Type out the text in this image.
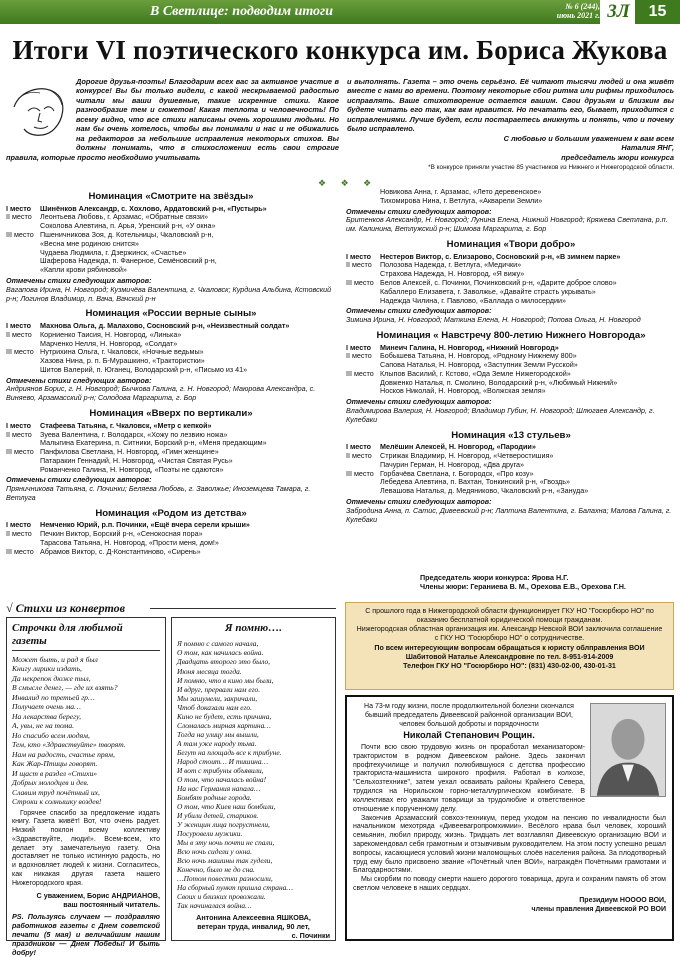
В Светлице: подводим итоги	№ 6 (244),
июнь 2021 г. 3Л	15
Итоги VI поэтического конкурса им. Бориса Жукова
Дорогие друзья-поэты! Благодарим всех вас за активное участие в конкурсе! Вы бы только видели, с какой нескрываемой радостью читали мы ваши душевные, такие искренние стихи. Какое разнообразие тем и сюжетов! Какая теплота и человечность! По всему видно, что все стихи написаны очень хорошими людьми. Но нам бы очень хотелось, чтобы вы понимали и нас и не обижались на редакторов за небольшие исправления некоторых стихов. Вы должны понимать, что в стихосложении есть свои строгие правила, которые просто необходимо учитывать
и выполнять. Газета – это очень серьёзно. Её читают тысячи людей и она живёт вместе с нами во времени. Поэтому некоторые сбои ритма или рифмы приходилось исправлять. Ваше стихотворение остается вашим. Свои друзьям и близким вы будете читать его так, как вам нравится. Но печатать его, бывает, приходится с исправлениями. Лучше будет, если постараетесь вникнуть и понять, что и почему было исправлено.
С любовью и большим уважением к вам всем
Наталия ЯНГ,
председатель жюри конкурса
*В конкурсе приняли участие 85 участников из Нижнего и Нижегородской области.
❖ ❖ ❖
Номинация «Смотрите на звёзды»
I место	Шинёнков Александр, с. Хохлово, Ардатовский р-н, «Пустырь»
II место	Леонтьева Любовь, г. Арзамас, «Обратные связи»
Соколова Алевтина, п. Арья, Уренский р-н, «У окна»
III место Пшеничникова Зоя, д. Котельницы, Чкаловский р-н,
«Весна мне родиною снится»
Чудаева Людмила, г. Дзержинск, «Счастье»
Шаферова Надежда, п. Фанерное, Семёновский р-н,
«Капли крови рябиновой»
Отмечены стихи следующих авторов:
Вагапова Ирина, Н. Новгород; Кузмичёва Валентина, г. Чкаловск; Курдина Альбина, Кстовский р-н; Логинов Владимир, п. Вача, Вачский р-н
Номинация «России верные сыны»
I место	Махнова Ольга, д. Малахово, Сосновский р-н, «Неизвестный солдат»
II место	Корниенко Таисия, Н. Новгород, «Линька»
Марченко Нелля, Н. Новгород, «Солдат»
III место Нутрихина Ольга, г. Чкаловск, «Ночные ведьмы»
Хазова Нина, р. п. Б-Мурашкино, «Трактористки»
Шитов Валерий, п. Юганец, Володарский р-н, «Письмо из 41»
Отмечены стихи следующих авторов:
Андриянов Борис, г. Н. Новгород; Бычкова Галина, г. Н. Новгород; Маюрова Александра, с. Виняево, Арзамасский р-н; Солодова Маргарита, г. Бор
Номинация «Вверх по вертикали»
I место	Стафеева Татьяна, г. Чкаловск, «Метр с кепкой»
II место	Зуева Валентина, г. Володарск, «Хожу по лезвию ножа»
Малыгина Екатерина, п. Ситники, Борский р-н, «Меня предающим»
III место Панфилова Светлана, Н. Новгород, «Гимн женщине»
Патаракин Геннадий, Н. Новгород, «Чистая Святая Русь»
Романченко Галина, Н. Новгород, «Поэты не сдаются»
Отмечены стихи следующих авторов:
Пряничникова Татьяна, с. Починки; Беляева Любовь, г. Заволжье; Иноземцева Тамара, г. Ветлуга
Номинация «Родом из детства»
I место	Немченко Юрий, р.п. Починки, «Ещё вчера серели крыши»
II место	Печкин Виктор, Борский р-н, «Сенокосная пора»
Тарасова Татьяна, Н. Новгород, «Прости меня, дом!»
III место Абрамов Виктор, с. Д-Константиново, «Сирень»
Новикова Анна, г. Арзамас, «Лето деревенское»
Тихомирова Нина, г. Ветлуга, «Акварели Земли»
Отмечены стихи следующих авторов:
Бритенков Александр, Н. Новгород; Лунина Елена, Нижний Новгород; Кряжева Светлана, р.п. им. Калинина, Ветлужский р-н; Шимова Маргарита, г. Бор
Номинация «Твори добро»
I место	Нестеров Виктор, с. Елизарово, Сосновский р-н, «В зимнем парке»
II место	Полозова Надежда, г. Ветлуга, «Медички»
Страхова Надежда, Н. Новгород, «Я вижу»
III место Белов Алексей, с. Починки, Починковский р-н, «Дарите доброе слово»
Кабаллеро Елизавета, г. Заволжье, «Давайте страсть укрывать»
Надежда Чилина, г. Павлово, «Баллада о милосердии»
Отмечены стихи следующих авторов:
Зимина Ирина, Н. Новгород; Маткина Елена, Н. Новгород; Попова Ольга, Н. Новгород
Номинация « Навстречу 800-летию Нижнего Новгорода»
I место	Минеич Галина, Н. Новгород, «Нижний Новгород»
II место	Бобышева Татьяна, Н. Новгород, «Родному Нижнему 800»
Сапова Наталья, Н. Новгород, «Заступник Земли Русской»
III место Клыпов Василий, г. Кстово, «Ода Земле Нижегородской»
Довженко Наталья, п. Смолино, Володарский р-н, «Любимый Нижний»
Носков Николай, Н. Новгород, «Волжская земля»
Отмечены стихи следующих авторов:
Владимирова Валерия, Н. Новгород; Владимир Губин, Н. Новгород; Шлюгаев Александр, г. Кулебаки
Номинация «13 стульев»
I место	Мелёшин Алексей, Н. Новгород, «Пародии»
II место	Стрижак Владимир, Н. Новгород, «Четверостишия»
Пачурин Герман, Н. Новгород, «Два друга»
III место Горбачёва Светлана, г. Богородск, «Про козу»
Лебедева Алевтина, п. Вахтан, Тонкинский р-н, «Гвоздь»
Левашова Наталья, д. Медяниково, Чкаловский р-н, «Зануда»
Отмечены стихи следующих авторов:
Забродина Анна, п. Сатис, Дивеевский р-н; Лаптина Валентина, г. Балахна; Малова Галина, г. Кулебаки
Председатель жюри конкурса: Ярова Н.Г.
Члены жюри: Гераниева В. М., Орехова Е.В., Орехова Г.Н.
√ Стихи из конвертов
Строчки для любимой газеты
Может быть, и рад я был
Книгу лирики издать,
Да некрепок дюже тыл,
В смысле денег, — где их взять?
Инвалид по третьей гр…
Получает очень ма…
На лекарства берегу,
А, увы, не на тома.
Но спасибо всем людям,
Тем, кто «Здравствуйте» творят.
Нам на радость, счастье прям,
Как Жар-Птицы говорят.
И щаст в раздел «Стихи»
Добрых молодцев и дев.
Славим труд почётный их,
Строки к солнышку воздев!
Горячее спасибо за предложение издать книгу. Газета живёт! Вот, что очень радует. Низкий поклон всему коллективу «Здравствуйте, люди!». Всем-всем, кто делает эту замечательную газету. Она доставляет не только истинную радость, но и вдохновляет людей к жизни. Согласитесь, как никакая другая газета нашего Нижегородского края.
С уважением, Борис АНДРИАНОВ,
ваш постоянный читатель.
PS. Пользуясь случаем — поздравляю работников газеты с Днем советской печати (5 мая) и величайшим нашим праздником — Днем Победы! И быть добру!
Я помню….
Я помню с самого начала,
О том, как начилась война.
Двадцать второго это было,
Июня месяца тогда.
И помню, что в кино мы были,
И вдруг, прервали нам его.
Мы зашумели, закричали,
Чтоб доказали нам его.
Кино не будет, есть причина,
Сломалась мирная картина…
Тогда на улицу мы вышли,
А там уже народу тьма.
Бегут на площадь все к трибуне.
Народ стоит… И тишина…
И вот с трибуны объявили,
О том, что началась война!
На нас Германия напала…
Бомбят родные города.
О том, что Киев наш бомбили,
И убили детей, стариков.
У женщин лица погрустнели,
Посуровели мужики.
Мы в эту ночь почти не спали,
Всю ночь сидели у окна.
Всю ночь машины так гудели,
Конечно, было не до сна.
…Потом повестки разносили,
На сборный пункт пришла страна…
Своих и близких провожали.
Так начиналася война…
Антонина Алексеевна ЯШКОВА,
ветеран труда, инвалид, 90 лет,
с. Починки
С прошлого года в Нижегородской области функционирует ГКУ НО "Госюрбюро НО" по оказанию бесплатной юридической помощи гражданам.
Нижегородская областная организация им. Александр Невской ВОИ заключила соглашение с ГКУ НО "Госюрбюро НО" о сотрудничестве.
По всем интересующим вопросам обращаться к юристу облправления ВОИ Шабитовой Наталье Александровне по тел. 8-951-914-2009
Телефон ГКУ НО "Госюрбюро НО": (831) 430-02-00, 430-01-31

На 73-м году жизни, после продолжительной болезни скончался бывший председатель Дивеевской районной организации ВОИ, человек большой доброты и порядочности

Николай Степанович Рощин.

Почти всю свою трудовую жизнь он проработал механизатором-трактористом в родном Дивеевском районе. Здесь закончил профтехучилище и получил полюбившуюся с детства профессию тракториста-машиниста широкого профиля. Работал в колхозе, "Сельхозтехнике", затем уехал осваивать районы Крайнего Севера, трудился на Норильском горно-металлургическом комбинате. В коллективах его уважали товарищи за трудолюбие и ответственное отношение к порученному делу.

Закончив Арзамасский совхоз-техникум, перед уходом на пенсию по инвалидности был начальником мехотряда «Дивеевагропромхимии». Весёлого нрава был человек, хороший семьянин, любил природу, жизнь. Тридцать лет возглавлял Дивеевскую организацию ВОИ и зарекомендовал себя грамотным и отзывчивым руководителем. На этом посту успешно решал вопросы, касающиеся условий жизни маломощных слоёв населения района. За плодотворный труд ему было присвоено звание «Почётный член ВОИ», награждён Почётными грамотами и Благодарностями.

Мы скорбим по поводу смерти нашего дорогого товарища, друга и сохраним память об этом светлом человеке в наших сердцах.

Президиум НОООО ВОИ,
члены правления Дивеевской РО ВОИ
